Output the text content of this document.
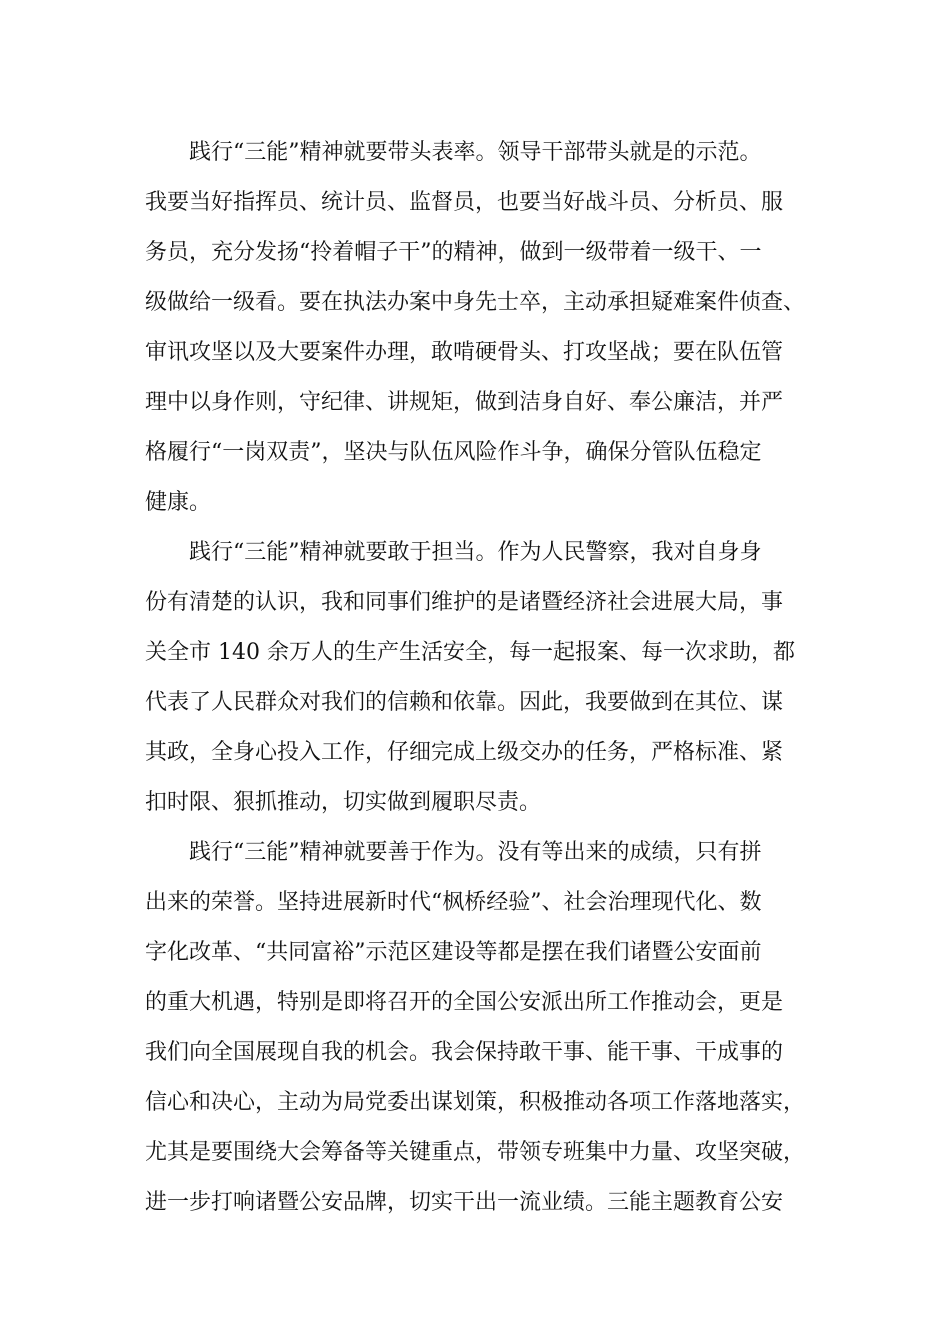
践行“三能”精神就要带头表率。领导干部带头就是的示范。
我要当好指挥员、统计员、监督员，也要当好战斗员、分析员、服
务员，充分发扬“拎着帽子干”的精神，做到一级带着一级干、一
级做给一级看。要在执法办案中身先士卒，主动承担疑难案件侦查、
审讯攻坚以及大要案件办理，敢啃硬骨头、打攻坚战；要在队伍管
理中以身作则，守纪律、讲规矩，做到洁身自好、奉公廉洁，并严
格履行“一岗双责”，坚决与队伍风险作斗争，确保分管队伍稳定
健康。
践行“三能”精神就要敢于担当。作为人民警察，我对自身身
份有清楚的认识，我和同事们维护的是诸暨经济社会进展大局，事
关全市 140 余万人的生产生活安全，每一起报案、每一次求助，都
代表了人民群众对我们的信赖和依靠。因此，我要做到在其位、谋
其政，全身心投入工作，仔细完成上级交办的任务，严格标准、紧
扣时限、狠抓推动，切实做到履职尽责。
践行“三能”精神就要善于作为。没有等出来的成绩，只有拼
出来的荣誉。坚持进展新时代“枫桥经验”、社会治理现代化、数
字化改革、“共同富裕”示范区建设等都是摆在我们诸暨公安面前
的重大机遇，特别是即将召开的全国公安派出所工作推动会，更是
我们向全国展现自我的机会。我会保持敢干事、能干事、干成事的
信心和决心，主动为局党委出谋划策，积极推动各项工作落地落实，
尤其是要围绕大会筹备等关键重点，带领专班集中力量、攻坚突破，
进一步打响诸暨公安品牌，切实干出一流业绩。三能主题教育公安
